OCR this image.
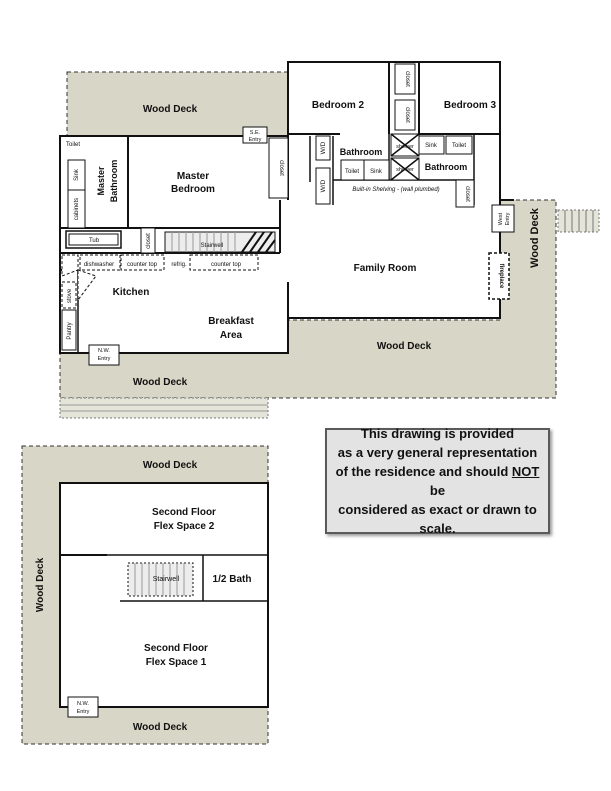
Wood Deck
Wood Deck
Wood Deck
Wood Deck
Bedroom 2	Bedroom 3
Master
Bedroom
Master Bathroom
Bathroom
Bathroom
Family Room
Kitchen
Breakfast
Area
S.E.
Entry
N.W.
Entry
West Entry
Toilet
Sink
cabinets
Tub
closet
closet
closet
closet
closet
Stairwell
dishwasher counter top refrig.	counter top
stove
Pantry
W/D
W/D
shower
shower
Sink
Toilet
Sink	Toilet
Built-in Shelving - (wall plumbed)
fireplace
Wood Deck
Wood Deck
Wood Deck
Second Floor
Flex Space 2
Second Floor
Flex Space 1
Stairwell	1/2 Bath
N.W.
Entry
This drawing is provided
as a very general representation
of the residence and should NOT be
considered as exact or drawn to
scale.
